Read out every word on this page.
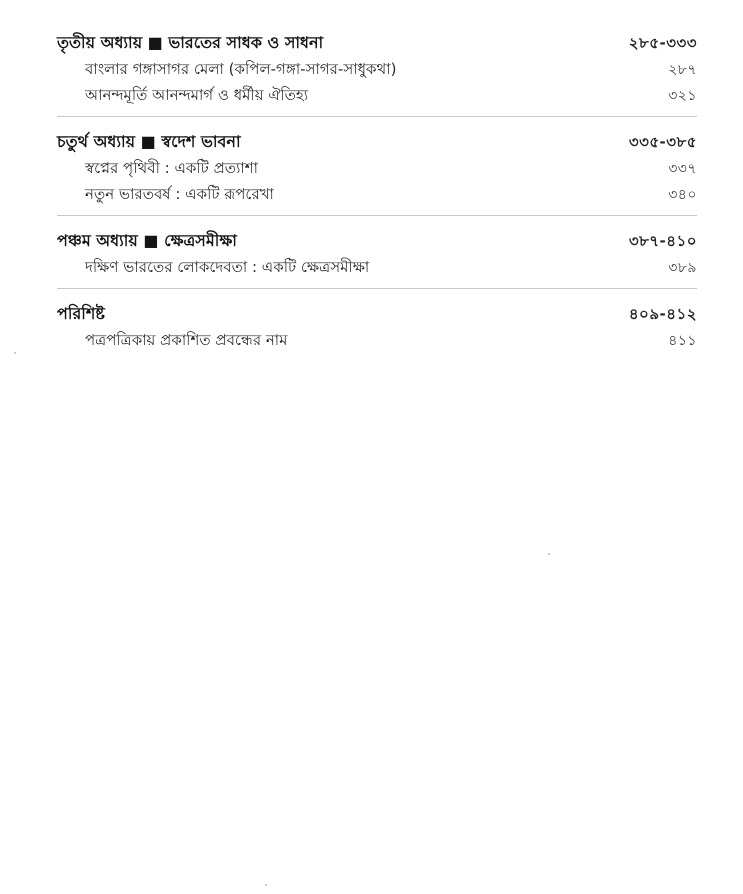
তৃতীয় অধ্যায় ■ ভারতের সাধক ও সাধনা	২৮৫-৩৩৩
বাংলার গঙ্গাসাগর মেলা (কপিল-গঙ্গা-সাগর-সাধুকথা)	২৮৭
আনন্দমূর্তি আনন্দমার্গ ও ধর্মীয় ঐতিহ্য	৩২১
চতুর্থ অধ্যায় ■ স্বদেশ ভাবনা	৩৩৫-৩৮৫
স্বপ্নের পৃথিবী : একটি প্রত্যাশা	৩৩৭
নতুন ভারতবর্ষ : একটি রূপরেখা	৩৪০
পঞ্চম অধ্যায় ■ ক্ষেত্রসমীক্ষা	৩৮৭-৪১০
দক্ষিণ ভারতের লোকদেবতা : একটি ক্ষেত্রসমীক্ষা	৩৮৯
পরিশিষ্ট	৪০৯-৪১২
পত্রপত্রিকায় প্রকাশিত প্রবন্ধের নাম	৪১১
